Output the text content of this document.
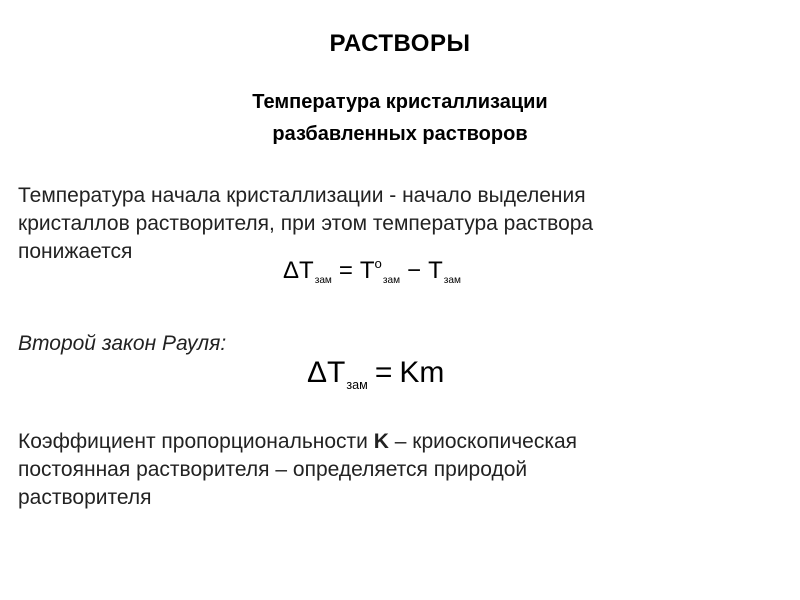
РАСТВОРЫ
Температура кристаллизации
разбавленных растворов
Температура начала кристаллизации - начало выделения
кристаллов растворителя, при этом температура раствора
понижается
$\Delta T_{зам} = T^o_{зам} - T_{зам}$
Второй закон Рауля:
$\Delta T_{зам} = Km$
Коэффициент пропорциональности K – криоскопическая
постоянная растворителя – определяется природой
растворителя
